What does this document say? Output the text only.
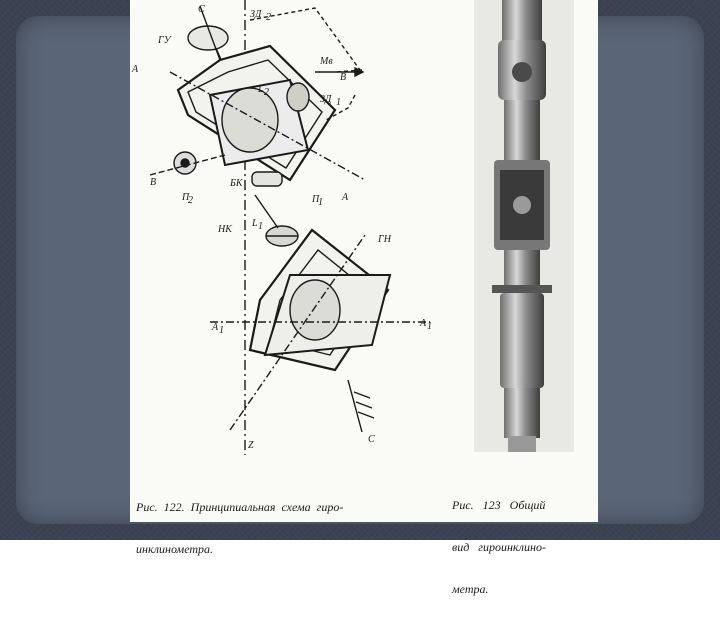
С	ЗД 2
ГУ
А
Мв
В
ЗД 1
L 2
В
П
2
БК
А
П
1
НК
L 1
ГН
А 1
А 1
Z
С

Рис.  122.  Принципиальная  схема  гиро-

инклинометра.

Рис.   123   Общий

вид   гироинклино-

метра.
